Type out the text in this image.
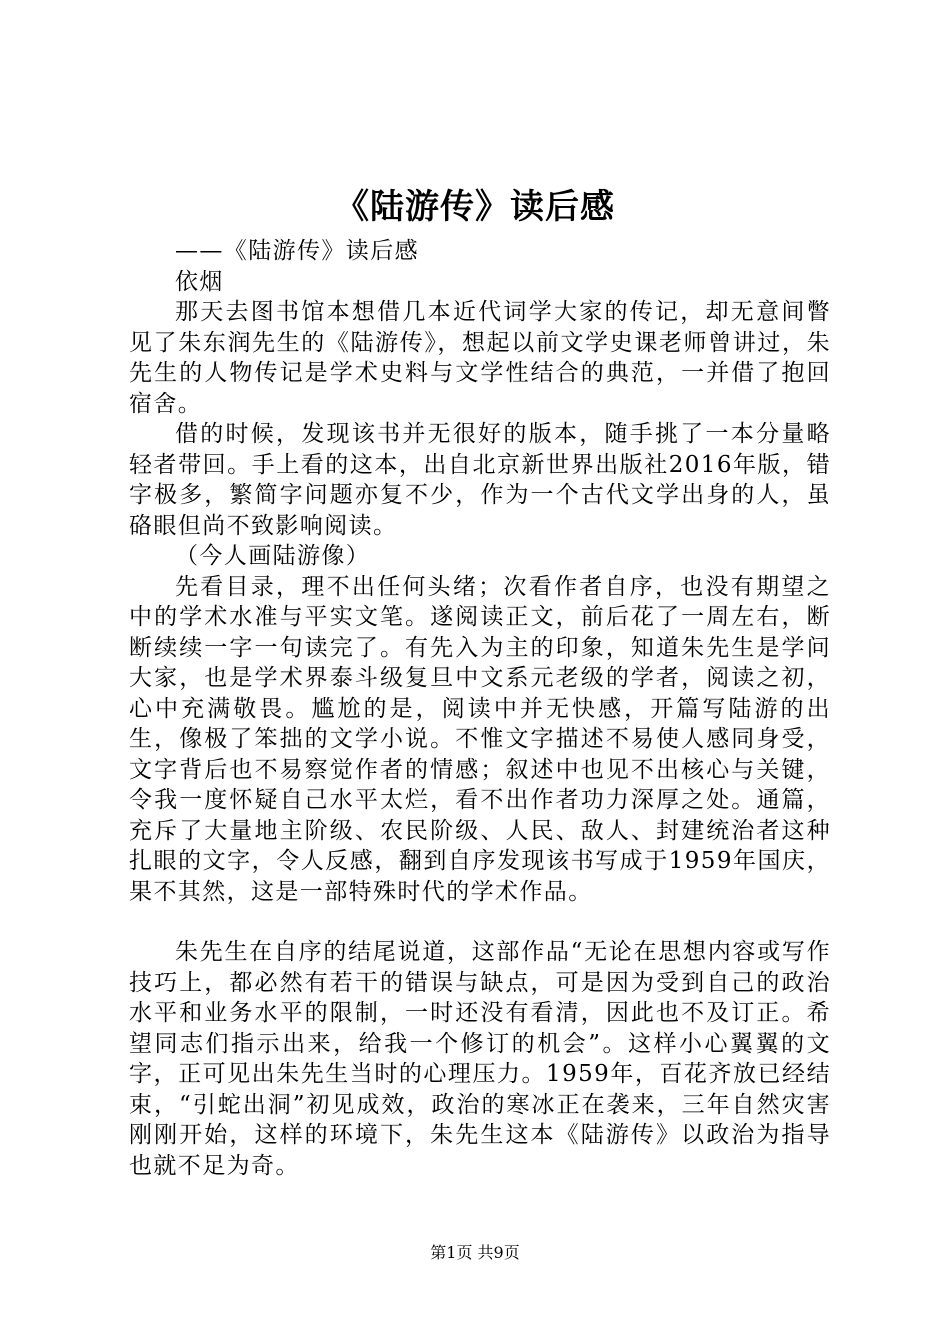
《陆游传》读后感

——《陆游传》读后感

依烟

那天去图书馆本想借几本近代词学大家的传记，却无意间瞥见了朱东润先生的《陆游传》，想起以前文学史课老师曾讲过，朱先生的人物传记是学术史料与文学性结合的典范，一并借了抱回宿舍。

借的时候，发现该书并无很好的版本，随手挑了一本分量略轻者带回。手上看的这本，出自北京新世界出版社2016年版，错字极多，繁简字问题亦复不少，作为一个古代文学出身的人，虽硌眼但尚不致影响阅读。

（今人画陆游像）

先看目录，理不出任何头绪；次看作者自序，也没有期望之中的学术水准与平实文笔。遂阅读正文，前后花了一周左右，断断续续一字一句读完了。有先入为主的印象，知道朱先生是学问大家，也是学术界泰斗级复旦中文系元老级的学者，阅读之初，心中充满敬畏。尴尬的是，阅读中并无快感，开篇写陆游的出生，像极了笨拙的文学小说。不惟文字描述不易使人感同身受，文字背后也不易察觉作者的情感；叙述中也见不出核心与关键，令我一度怀疑自己水平太烂，看不出作者功力深厚之处。通篇，充斥了大量地主阶级、农民阶级、人民、敌人、封建统治者这种扎眼的文字，令人反感，翻到自序发现该书写成于1959年国庆，果不其然，这是一部特殊时代的学术作品。

朱先生在自序的结尾说道，这部作品“无论在思想内容或写作技巧上，都必然有若干的错误与缺点，可是因为受到自己的政治水平和业务水平的限制，一时还没有看清，因此也不及订正。希望同志们指示出来，给我一个修订的机会”。这样小心翼翼的文字，正可见出朱先生当时的心理压力。1959年，百花齐放已经结束，“引蛇出洞”初见成效，政治的寒冰正在袭来，三年自然灾害刚刚开始，这样的环境下，朱先生这本《陆游传》以政治为指导也就不足为奇。

第1页 共9页
